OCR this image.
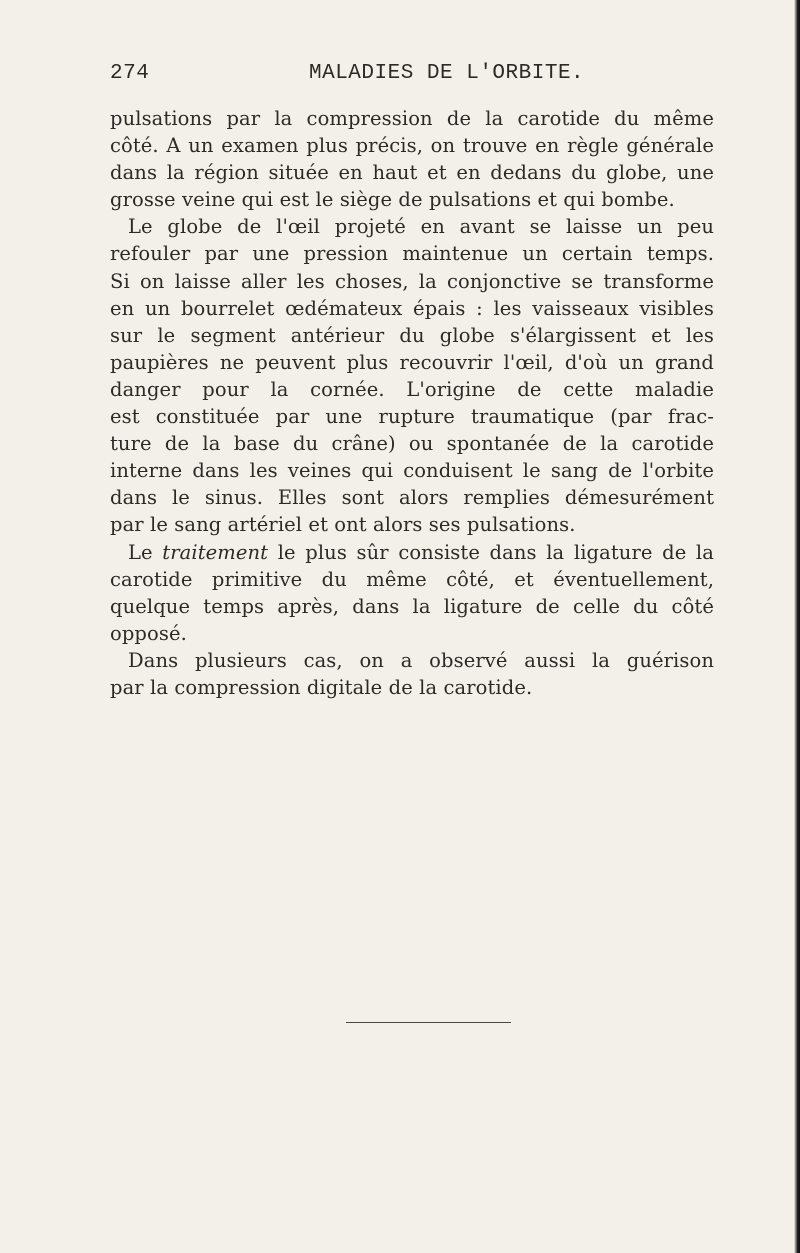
274	MALADIES DE L'ORBITE.
pulsations par la compression de la carotide du même
côté. A un examen plus précis, on trouve en règle générale
dans la région située en haut et en dedans du globe, une
grosse veine qui est le siège de pulsations et qui bombe.
Le globe de l'œil projeté en avant se laisse un peu
refouler par une pression maintenue un certain temps.
Si on laisse aller les choses, la conjonctive se transforme
en un bourrelet œdémateux épais : les vaisseaux visibles
sur le segment antérieur du globe s'élargissent et les
paupières ne peuvent plus recouvrir l'œil, d'où un grand
danger pour la cornée. L'origine de cette maladie
est constituée par une rupture traumatique (par frac-
ture de la base du crâne) ou spontanée de la carotide
interne dans les veines qui conduisent le sang de l'orbite
dans le sinus. Elles sont alors remplies démesurément
par le sang artériel et ont alors ses pulsations.
Le traitement le plus sûr consiste dans la ligature de la
carotide primitive du même côté, et éventuellement,
quelque temps après, dans la ligature de celle du côté
opposé.
Dans plusieurs cas, on a observé aussi la guérison
par la compression digitale de la carotide.
